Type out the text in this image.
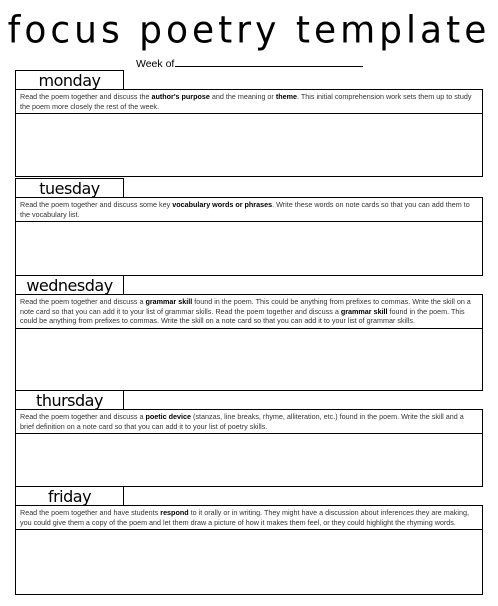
focus poetry template
Week of
monday
Read the poem together and discuss the author's purpose and the meaning or theme. This initial comprehension work sets them up to study the poem more closely the rest of the week.
tuesday
Read the poem together and discuss some key vocabulary words or phrases. Write these words on note cards so that you can add them to the vocabulary list.
wednesday
Read the poem together and discuss a grammar skill found in the poem. This could be anything from prefixes to commas. Write the skill on a note card so that you can add it to your list of grammar skills. Read the poem together and discuss a grammar skill found in the poem. This could be anything from prefixes to commas. Write the skill on a note card so that you can add it to your list of grammar skills.
thursday
Read the poem together and discuss a poetic device (stanzas, line breaks, rhyme, alliteration, etc.) found in the poem. Write the skill and a brief definition on a note card so that you can add it to your list of poetry skills.
friday
Read the poem together and have students respond to it orally or in writing. They might have a discussion about inferences they are making, you could give them a copy of the poem and let them draw a picture of how it makes them feel, or they could highlight the rhyming words.
